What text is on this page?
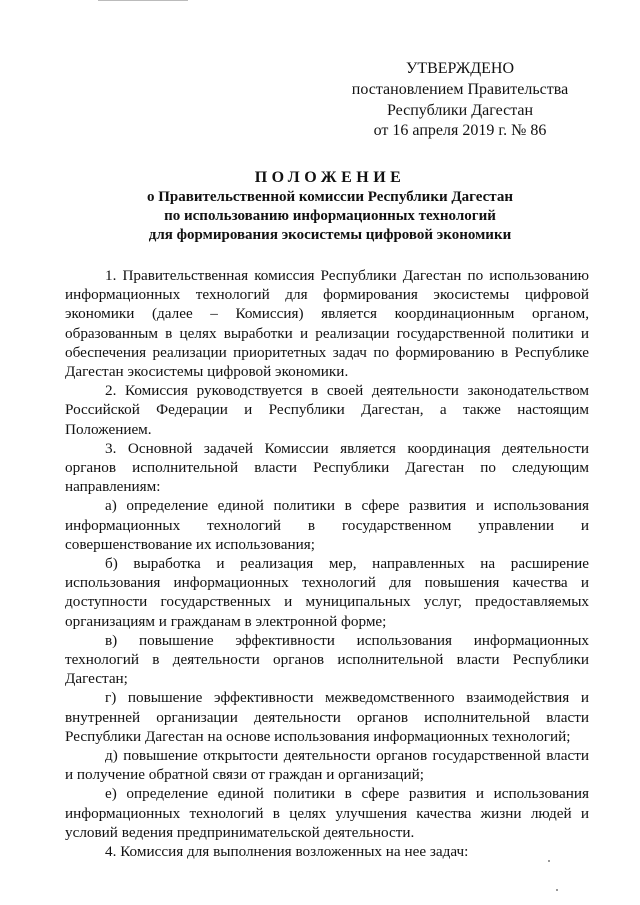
УТВЕРЖДЕНО
постановлением Правительства
Республики Дагестан
от 16 апреля 2019 г. № 86
ПОЛОЖЕНИЕ
о Правительственной комиссии Республики Дагестан
по использованию информационных технологий
для формирования экосистемы цифровой экономики

1. Правительственная комиссия Республики Дагестан по использованию информационных технологий для формирования экосистемы цифровой экономики (далее – Комиссия) является координационным органом, образованным в целях выработки и реализации государственной политики и обеспечения реализации приоритетных задач по формированию в Республике Дагестан экосистемы цифровой экономики.

2. Комиссия руководствуется в своей деятельности законодательством Российской Федерации и Республики Дагестан, а также настоящим Положением.

3. Основной задачей Комиссии является координация деятельности органов исполнительной власти Республики Дагестан по следующим направлениям:

а) определение единой политики в сфере развития и использования информационных технологий в государственном управлении и совершенствование их использования;

б) выработка и реализация мер, направленных на расширение использования информационных технологий для повышения качества и доступности государственных и муниципальных услуг, предоставляемых организациям и гражданам в электронной форме;

в) повышение эффективности использования информационных технологий в деятельности органов исполнительной власти Республики Дагестан;

г) повышение эффективности межведомственного взаимодействия и внутренней организации деятельности органов исполнительной власти Республики Дагестан на основе использования информационных технологий;

д) повышение открытости деятельности органов государственной власти и получение обратной связи от граждан и организаций;

е) определение единой политики в сфере развития и использования информационных технологий в целях улучшения качества жизни людей и условий ведения предпринимательской деятельности.

4. Комиссия для выполнения возложенных на нее задач:
